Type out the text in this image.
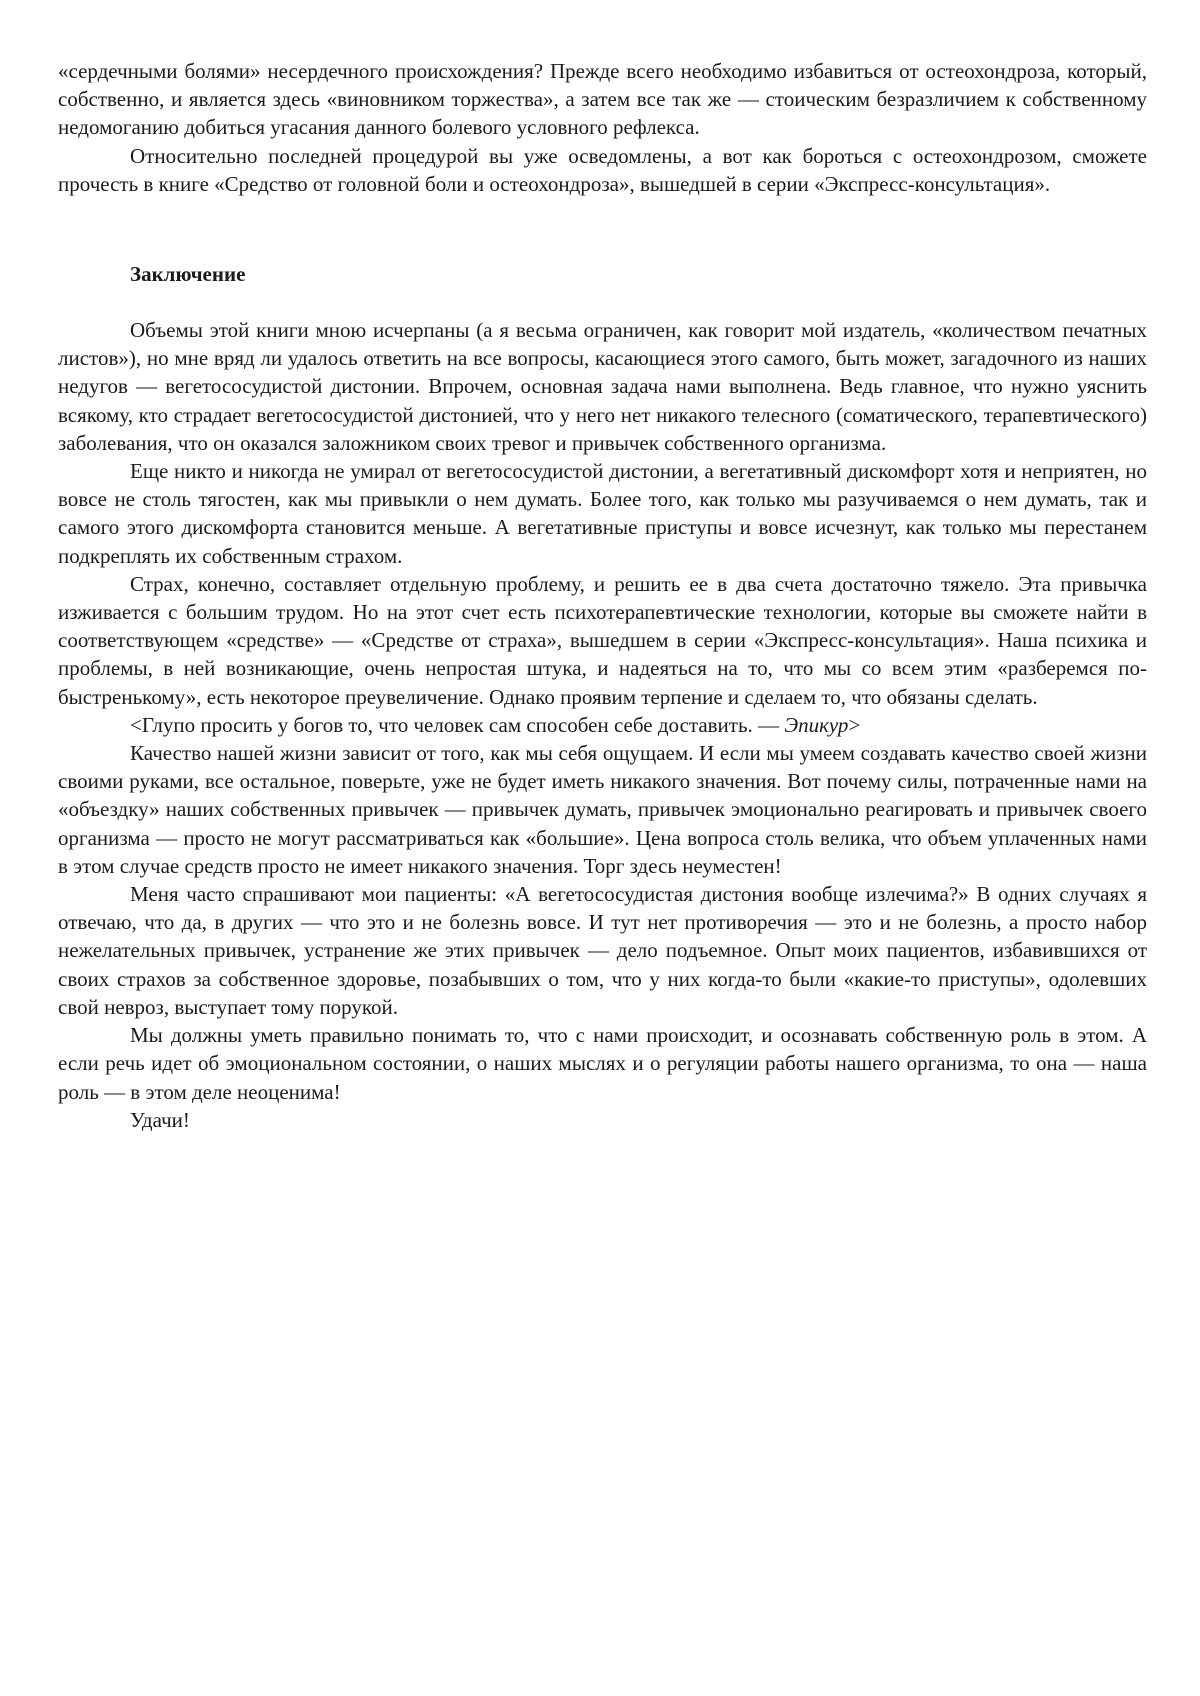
«сердечными болями» несердечного происхождения? Прежде всего необходимо избавиться от остеохондроза, который, собственно, и является здесь «виновником торжества», а затем все так же — стоическим безразличием к собственному недомоганию добиться угасания данного болевого условного рефлекса.

Относительно последней процедурой вы уже осведомлены, а вот как бороться с остеохондрозом, сможете прочесть в книге «Средство от головной боли и остеохондроза», вышедшей в серии «Экспресс-консультация».

Заключение

Объемы этой книги мною исчерпаны (а я весьма ограничен, как говорит мой издатель, «количеством печатных листов»), но мне вряд ли удалось ответить на все вопросы, касающиеся этого самого, быть может, загадочного из наших недугов — вегетососудистой дистонии. Впрочем, основная задача нами выполнена. Ведь главное, что нужно уяснить всякому, кто страдает вегетососудистой дистонией, что у него нет никакого телесного (соматического, терапевтического) заболевания, что он оказался заложником своих тревог и привычек собственного организма.

Еще никто и никогда не умирал от вегетососудистой дистонии, а вегетативный дискомфорт хотя и неприятен, но вовсе не столь тягостен, как мы привыкли о нем думать. Более того, как только мы разучиваемся о нем думать, так и самого этого дискомфорта становится меньше. А вегетативные приступы и вовсе исчезнут, как только мы перестанем подкреплять их собственным страхом.

Страх, конечно, составляет отдельную проблему, и решить ее в два счета достаточно тяжело. Эта привычка изживается с большим трудом. Но на этот счет есть психотерапевтические технологии, которые вы сможете найти в соответствующем «средстве» — «Средстве от страха», вышедшем в серии «Экспресс-консультация». Наша психика и проблемы, в ней возникающие, очень непростая штука, и надеяться на то, что мы со всем этим «разберемся по-быстренькому», есть некоторое преувеличение. Однако проявим терпение и сделаем то, что обязаны сделать.

<Глупо просить у богов то, что человек сам способен себе доставить. — Эпикур>

Качество нашей жизни зависит от того, как мы себя ощущаем. И если мы умеем создавать качество своей жизни своими руками, все остальное, поверьте, уже не будет иметь никакого значения. Вот почему силы, потраченные нами на «объездку» наших собственных привычек — привычек думать, привычек эмоционально реагировать и привычек своего организма — просто не могут рассматриваться как «большие». Цена вопроса столь велика, что объем уплаченных нами в этом случае средств просто не имеет никакого значения. Торг здесь неуместен!

Меня часто спрашивают мои пациенты: «А вегетососудистая дистония вообще излечима?» В одних случаях я отвечаю, что да, в других — что это и не болезнь вовсе. И тут нет противоречия — это и не болезнь, а просто набор нежелательных привычек, устранение же этих привычек — дело подъемное. Опыт моих пациентов, избавившихся от своих страхов за собственное здоровье, позабывших о том, что у них когда-то были «какие-то приступы», одолевших свой невроз, выступает тому порукой.

Мы должны уметь правильно понимать то, что с нами происходит, и осознавать собственную роль в этом. А если речь идет об эмоциональном состоянии, о наших мыслях и о регуляции работы нашего организма, то она — наша роль — в этом деле неоценима!

Удачи!
